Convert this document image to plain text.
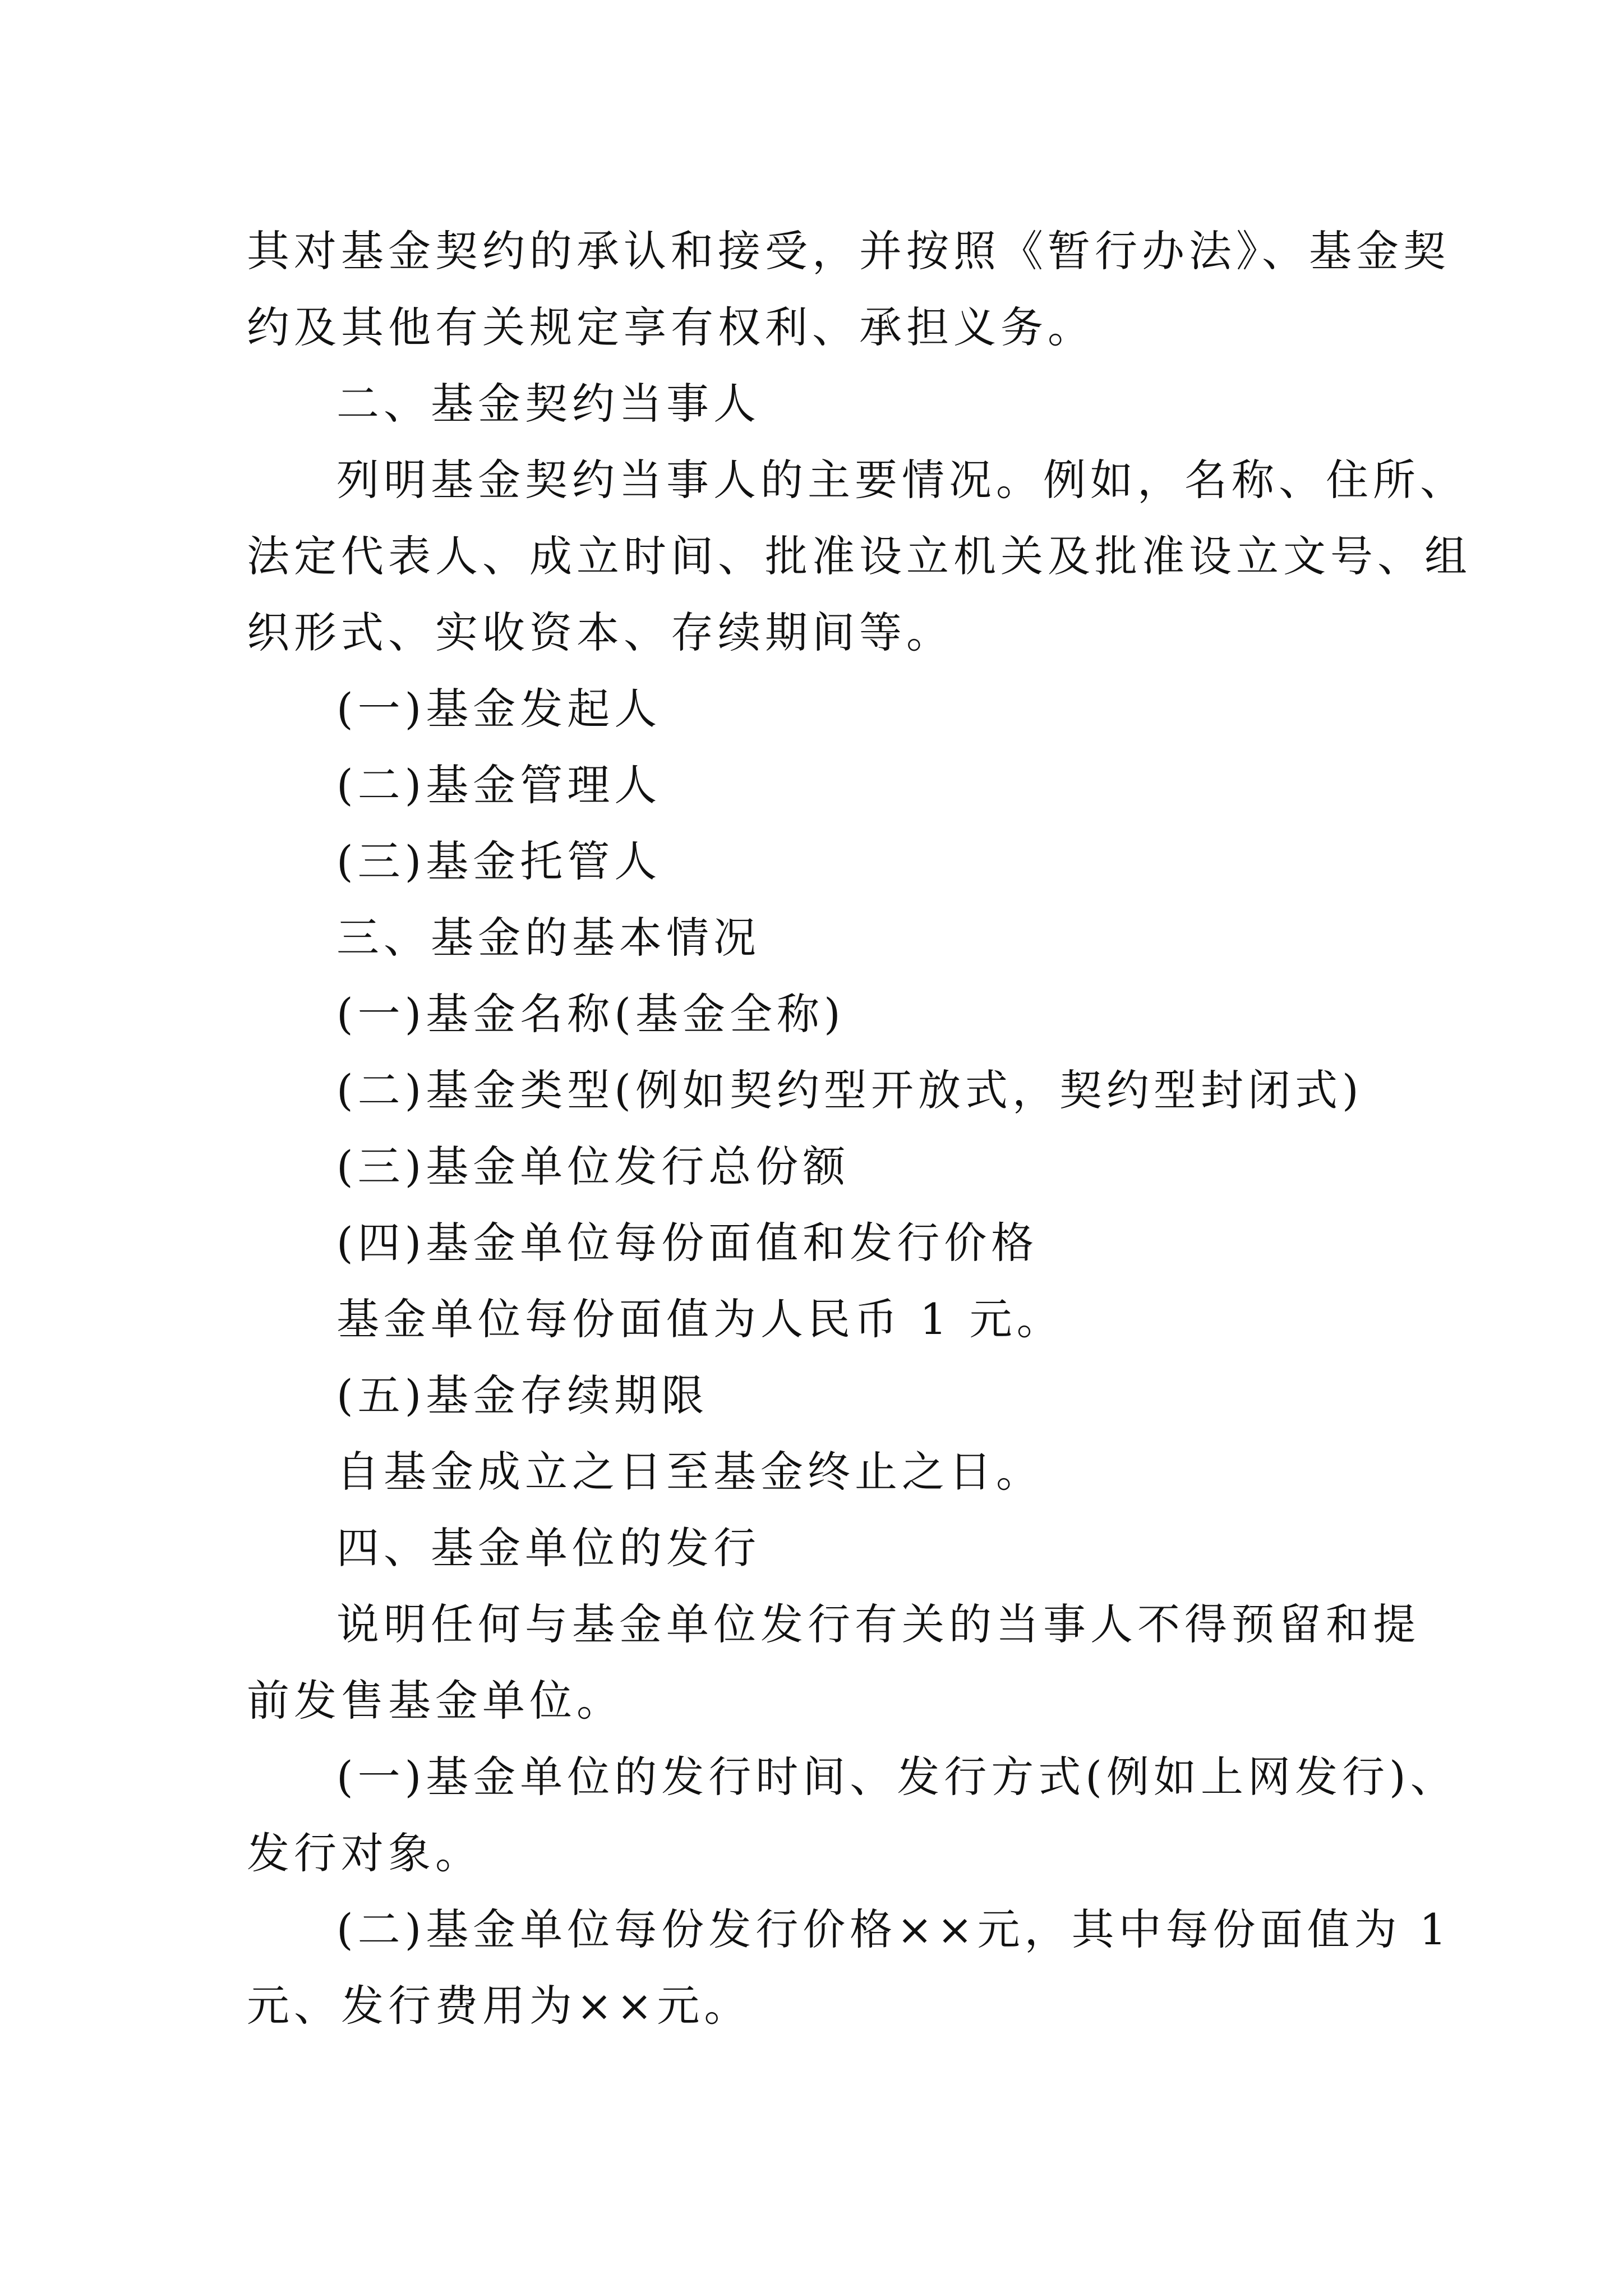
其对基金契约的承认和接受，并按照《暂行办法》、基金契
约及其他有关规定享有权利、承担义务。
二、基金契约当事人
列明基金契约当事人的主要情况。例如，名称、住所、
法定代表人、成立时间、批准设立机关及批准设立文号、组
织形式、实收资本、存续期间等。
(一)基金发起人
(二)基金管理人
(三)基金托管人
三、基金的基本情况
(一)基金名称(基金全称)
(二)基金类型(例如契约型开放式，契约型封闭式)
(三)基金单位发行总份额
(四)基金单位每份面值和发行价格
基金单位每份面值为人民币 1 元。
(五)基金存续期限
自基金成立之日至基金终止之日。
四、基金单位的发行
说明任何与基金单位发行有关的当事人不得预留和提
前发售基金单位。
(一)基金单位的发行时间、发行方式(例如上网发行)、
发行对象。
(二)基金单位每份发行价格××元，其中每份面值为 1
元、发行费用为××元。
